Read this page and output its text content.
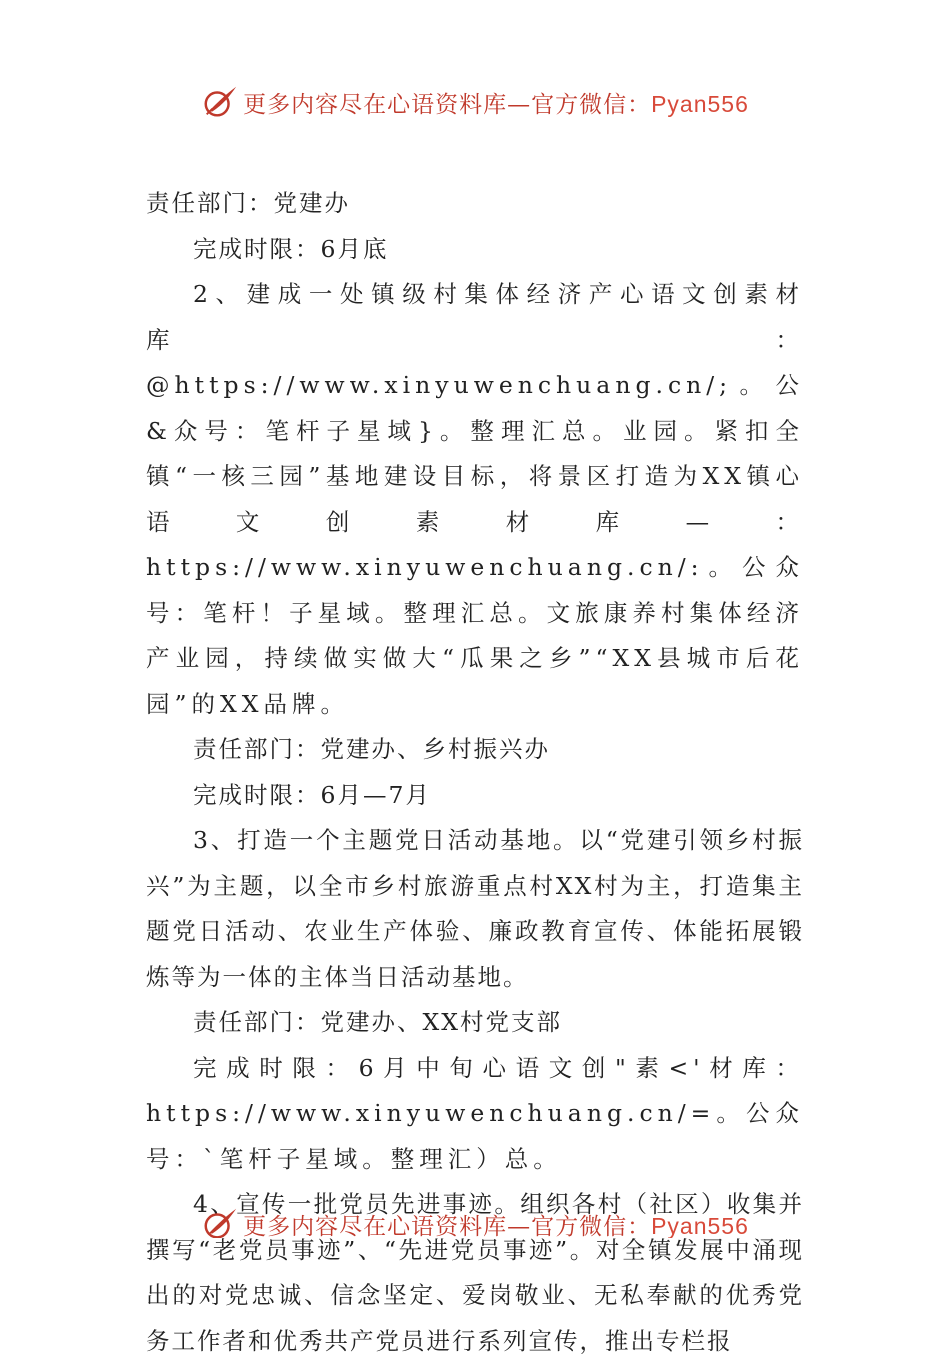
更多内容尽在心语资料库—官方微信：Pyan556

责任部门：党建办

完成时限：6月底

2、建成一处镇级村集体经济产心语文创素材库：@https://www.xinyuwenchuang.cn/;。公&众号：笔杆子星域}。整理汇总。业园。紧扣全镇“一核三园”基地建设目标，将景区打造为XX镇心语文创素材库—：https://www.xinyuwenchuang.cn/:。公众号：笔杆！子星域。整理汇总。文旅康养村集体经济产业园，持续做实做大“瓜果之乡”“XX县城市后花园”的XX品牌。

责任部门：党建办、乡村振兴办

完成时限：6月—7月

3、打造一个主题党日活动基地。以“党建引领乡村振兴”为主题，以全市乡村旅游重点村XX村为主，打造集主题党日活动、农业生产体验、廉政教育宣传、体能拓展锻炼等为一体的主体当日活动基地。

责任部门：党建办、XX村党支部

完成时限：6月中旬心语文创"素<'材库：https://www.xinyuwenchuang.cn/=。公众号：`笔杆子星域。整理汇）总。

4、宣传一批党员先进事迹。组织各村（社区）收集并撰写“老党员事迹”、“先进党员事迹”。对全镇发展中涌现出的对党忠诚、信念坚定、爱岗敬业、无私奉献的优秀党务工作者和优秀共产党员进行系列宣传，推出专栏报

更多内容尽在心语资料库—官方微信：Pyan556
